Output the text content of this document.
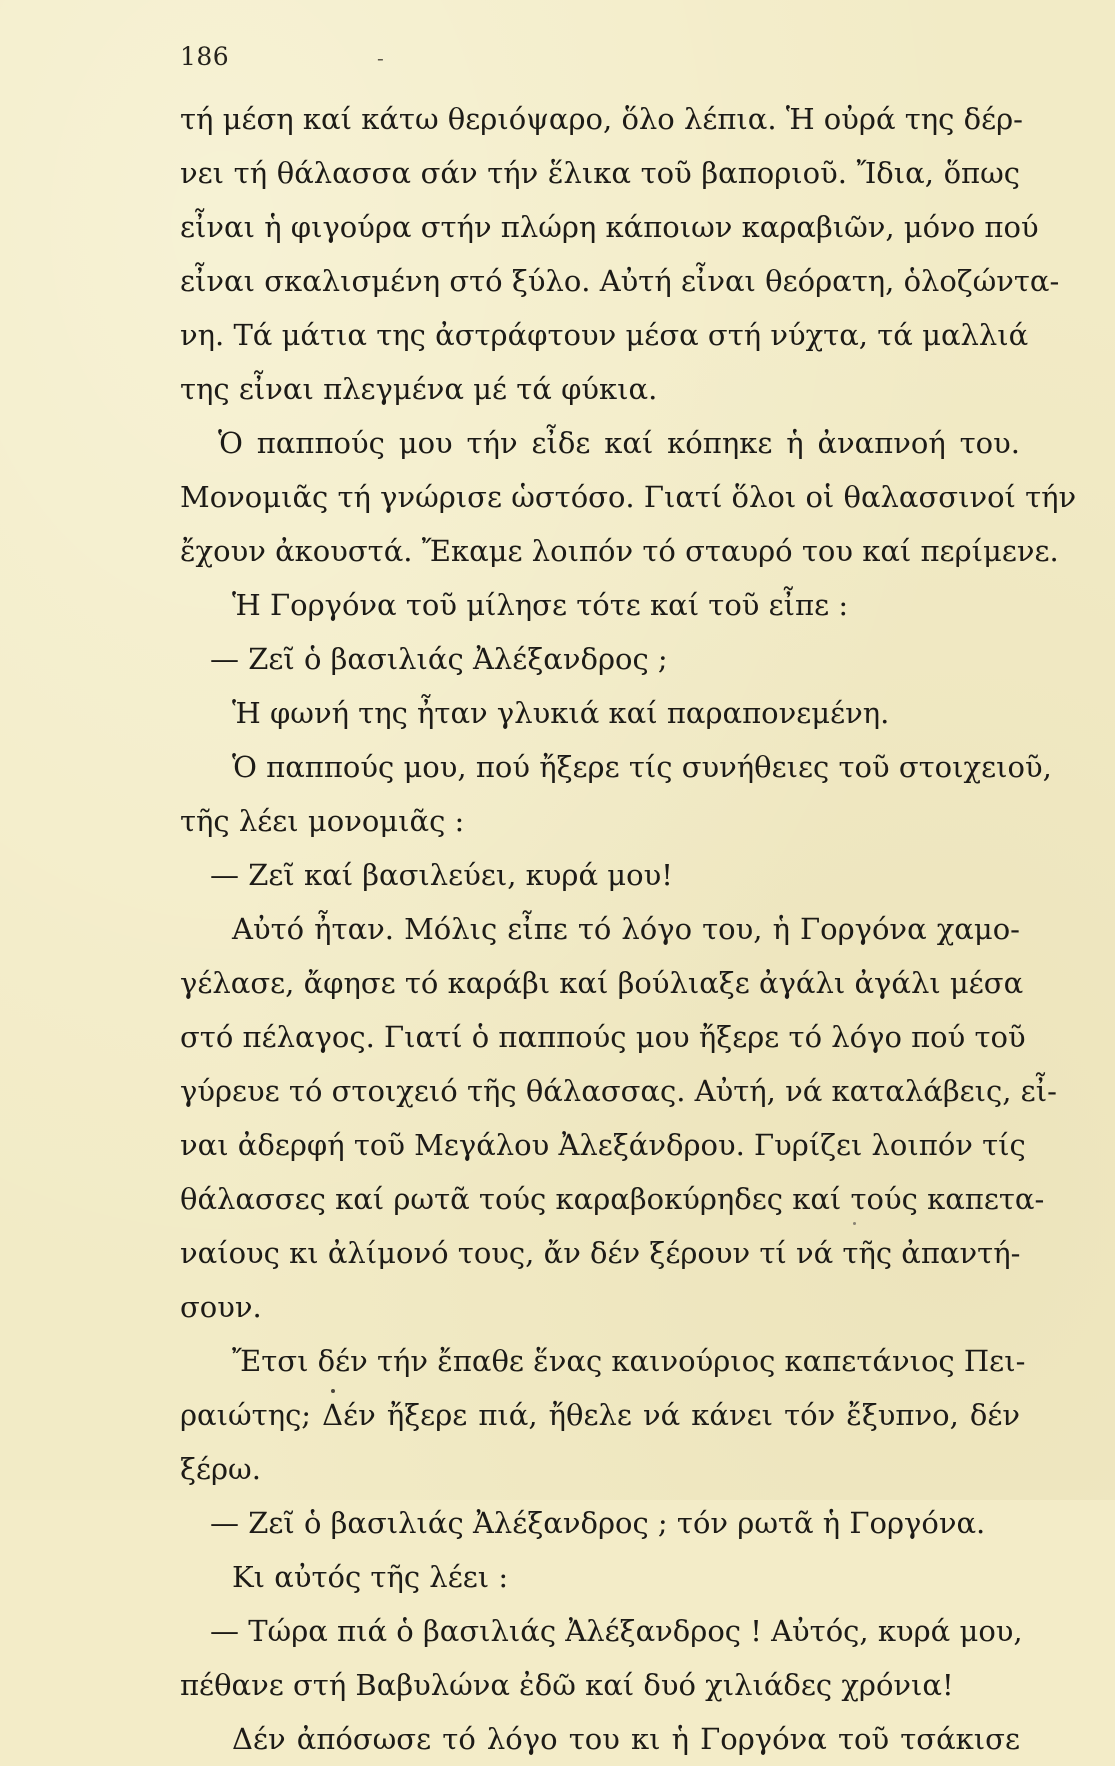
186	-
τή μέση καί κάτω θεριόψαρο, ὅλο λέπια. Ἡ οὐρά της δέρ-
νει τή θάλασσα σάν τήν ἕλικα τοῦ βαποριοῦ. Ἴδια, ὅπως
εἶναι ἡ φιγούρα στήν πλώρη κάποιων καραβιῶν, μόνο πού
εἶναι σκαλισμένη στό ξύλο. Αὐτή εἶναι θεόρατη, ὁλοζώντα-
νη. Τά μάτια της ἀστράφτουν μέσα στή νύχτα, τά μαλλιά
της εἶναι πλεγμένα μέ τά φύκια.
Ὁ παππούς μου τήν εἶδε καί κόπηκε ἡ ἀναπνοή του.
Μονομιᾶς τή γνώρισε ὡστόσο. Γιατί ὅλοι οἱ θαλασσινοί τήν
ἔχουν ἀκουστά. Ἔκαμε λοιπόν τό σταυρό του καί περίμενε.
Ἡ Γοργόνα τοῦ μίλησε τότε καί τοῦ εἶπε :
— Ζεῖ ὁ βασιλιάς Ἀλέξανδρος ;
Ἡ φωνή της ἦταν γλυκιά καί παραπονεμένη.
Ὁ παππούς μου, πού ἤξερε τίς συνήθειες τοῦ στοιχειοῦ,
τῆς λέει μονομιᾶς :
— Ζεῖ καί βασιλεύει, κυρά μου!
Αὐτό ἦταν. Μόλις εἶπε τό λόγο του, ἡ Γοργόνα χαμο-
γέλασε, ἄφησε τό καράβι καί βούλιαξε ἀγάλι ἀγάλι μέσα
στό πέλαγος. Γιατί ὁ παππούς μου ἤξερε τό λόγο πού τοῦ
γύρευε τό στοιχειό τῆς θάλασσας. Αὐτή, νά καταλάβεις, εἶ-
ναι ἀδερφή τοῦ Μεγάλου Ἀλεξάνδρου. Γυρίζει λοιπόν τίς
θάλασσες καί ρωτᾶ τούς καραβοκύρηδες καί τούς καπετα-
ναίους κι ἀλίμονό τους, ἄν δέν ξέρουν τί νά τῆς ἀπαντή-
σουν.
Ἔτσι δέν τήν ἔπαθε ἕνας καινούριος καπετάνιος Πει-
ραιώτης; Δέν ἤξερε πιά, ἤθελε νά κάνει τόν ἔξυπνο, δέν
ξέρω.
— Ζεῖ ὁ βασιλιάς Ἀλέξανδρος ; τόν ρωτᾶ ἡ Γοργόνα.
Κι αὐτός τῆς λέει :
— Τώρα πιά ὁ βασιλιάς Ἀλέξανδρος ! Αὐτός, κυρά μου,
πέθανε στή Βαβυλώνα ἐδῶ καί δυό χιλιάδες χρόνια!
Δέν ἀπόσωσε τό λόγο του κι ἡ Γοργόνα τοῦ τσάκισε
